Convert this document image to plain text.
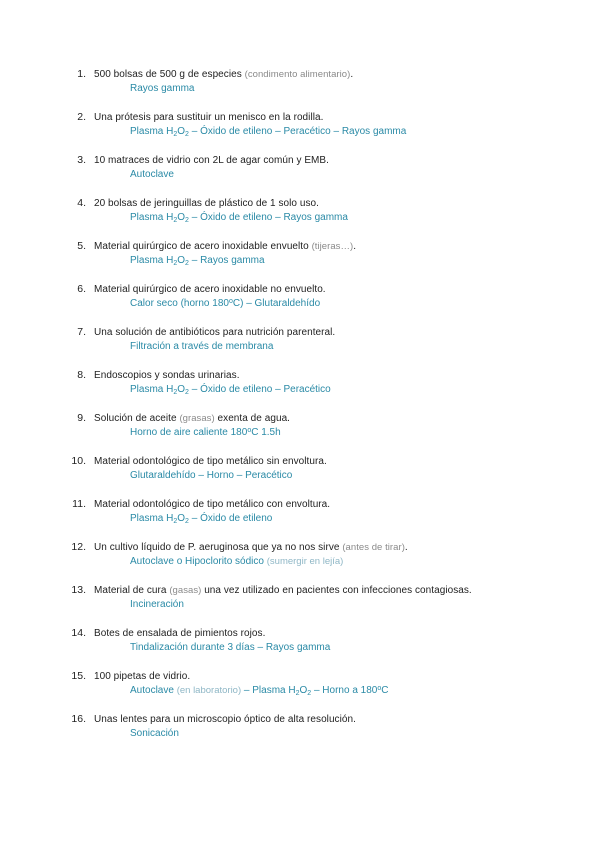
1. 500 bolsas de 500 g de especies (condimento alimentario).
Rayos gamma
2. Una prótesis para sustituir un menisco en la rodilla.
Plasma $H_2O_2$ – Óxido de etileno – Peracético – Rayos gamma
3. 10 matraces de vidrio con 2L de agar común y EMB.
Autoclave
4. 20 bolsas de jeringuillas de plástico de 1 solo uso.
Plasma $H_2O_2$ – Óxido de etileno – Rayos gamma
5. Material quirúrgico de acero inoxidable envuelto (tijeras…).
Plasma $H_2O_2$ – Rayos gamma
6. Material quirúrgico de acero inoxidable no envuelto.
Calor seco (horno 180$^o$C) – Glutaraldehído
7. Una solución de antibióticos para nutrición parenteral.
Filtración a través de membrana
8. Endoscopios y sondas urinarias.
Plasma $H_2O_2$ – Óxido de etileno – Peracético
9. Solución de aceite (grasas) exenta de agua.
Horno de aire caliente 180$^o$C 1.5h
10. Material odontológico de tipo metálico sin envoltura.
Glutaraldehído – Horno – Peracético
11. Material odontológico de tipo metálico con envoltura.
Plasma $H_2O_2$ – Óxido de etileno
12. Un cultivo líquido de P. aeruginosa que ya no nos sirve (antes de tirar).
Autoclave o Hipoclorito sódico (sumergir en lejía)
13. Material de cura (gasas) una vez utilizado en pacientes con infecciones contagiosas.
Incineración
14. Botes de ensalada de pimientos rojos.
Tindalización durante 3 días – Rayos gamma
15. 100 pipetas de vidrio.
Autoclave (en laboratorio) – Plasma $H_2O_2$ – Horno a 180$^o$C
16. Unas lentes para un microscopio óptico de alta resolución.
Sonicación
